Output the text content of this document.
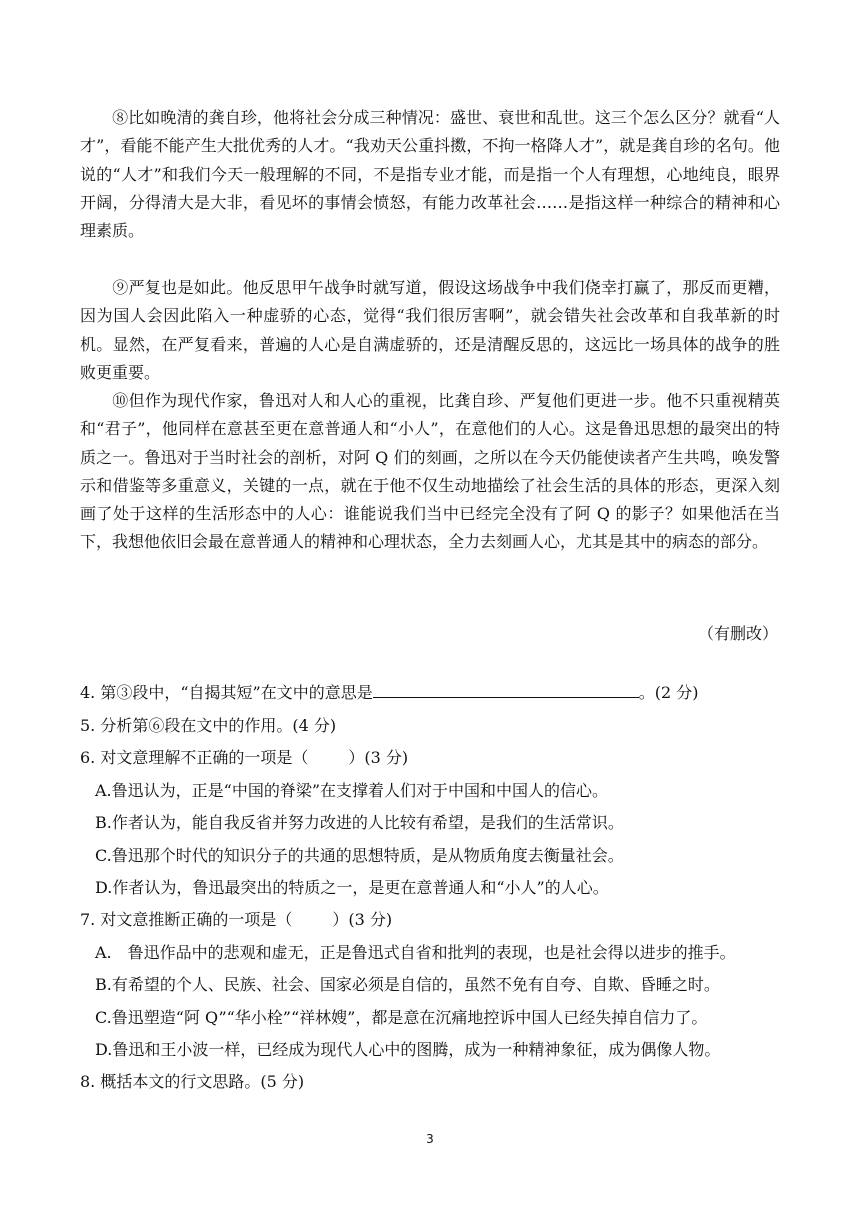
⑧比如晚清的龚自珍，他将社会分成三种情况：盛世、衰世和乱世。这三个怎么区分？就看“人才”，看能不能产生大批优秀的人才。“我劝天公重抖擞，不拘一格降人才”，就是龚自珍的名句。他说的“人才”和我们今天一般理解的不同，不是指专业才能，而是指一个人有理想，心地纯良，眼界开阔，分得清大是大非，看见坏的事情会愤怒，有能力改革社会……是指这样一种综合的精神和心理素质。

⑨严复也是如此。他反思甲午战争时就写道，假设这场战争中我们侥幸打赢了，那反而更糟，因为国人会因此陷入一种虚骄的心态，觉得“我们很厉害啊”，就会错失社会改革和自我革新的时机。显然，在严复看来，普遍的人心是自满虚骄的，还是清醒反思的，这远比一场具体的战争的胜败更重要。

⑩但作为现代作家，鲁迅对人和人心的重视，比龚自珍、严复他们更进一步。他不只重视精英和“君子”，他同样在意甚至更在意普通人和“小人”，在意他们的人心。这是鲁迅思想的最突出的特质之一。鲁迅对于当时社会的剖析，对阿 Q 们的刻画，之所以在今天仍能使读者产生共鸣，唤发警示和借鉴等多重意义，关键的一点，就在于他不仅生动地描绘了社会生活的具体的形态，更深入刻画了处于这样的生活形态中的人心：谁能说我们当中已经完全没有了阿 Q 的影子？如果他活在当下，我想他依旧会最在意普通人的精神和心理状态，全力去刻画人心，尤其是其中的病态的部分。

（有删改）
4. 第③段中，“自揭其短”在文中的意思是	。(2 分)
5. 分析第⑥段在文中的作用。(4 分)
6. 对文意理解不正确的一项是（	）(3 分)
A.鲁迅认为，正是“中国的脊梁”在支撑着人们对于中国和中国人的信心。
B.作者认为，能自我反省并努力改进的人比较有希望，是我们的生活常识。
C.鲁迅那个时代的知识分子的共通的思想特质，是从物质角度去衡量社会。
D.作者认为，鲁迅最突出的特质之一，是更在意普通人和“小人”的人心。
7. 对文意推断正确的一项是（	）(3 分)
A.　鲁迅作品中的悲观和虚无，正是鲁迅式自省和批判的表现，也是社会得以进步的推手。
B.有希望的个人、民族、社会、国家必须是自信的，虽然不免有自夸、自欺、昏睡之时。
C.鲁迅塑造“阿 Q”“华小栓”“祥林嫂”，都是意在沉痛地控诉中国人已经失掉自信力了。
D.鲁迅和王小波一样，已经成为现代人心中的图腾，成为一种精神象征，成为偶像人物。
8. 概括本文的行文思路。(5 分)
3
